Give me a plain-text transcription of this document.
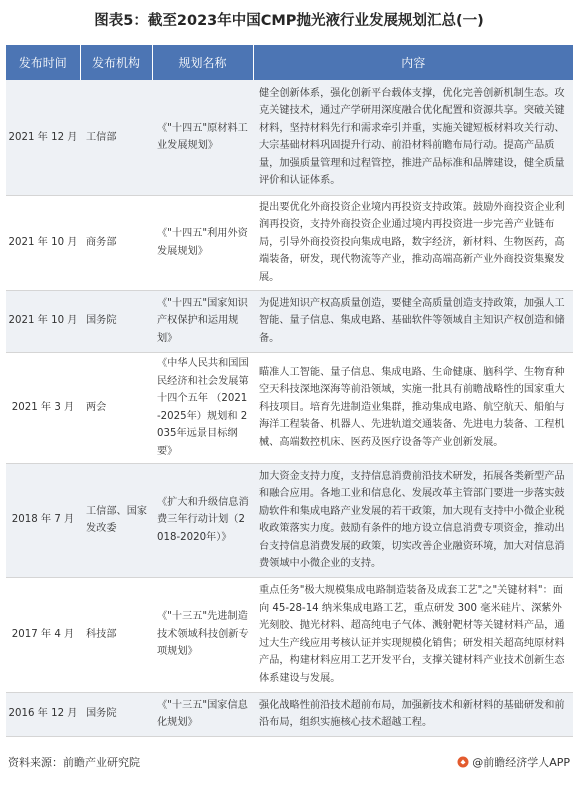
图表5：截至2023年中国CMP抛光液行业发展规划汇总(一)
发布时间	发布机构	规划名称	内容
2021 年 12 月	工信部	《"十四五"原材料工业发展规划》	健全创新体系，强化创新平台载体支撑，优化完善创新机制生态。攻克关键技术，通过产学研用深度融合优化配置和资源共享。突破关键材料，坚持材料先行和需求牵引并重，实施关键短板材料攻关行动、大宗基础材料巩固提升行动、前沿材料前瞻布局行动。提高产品质量，加强质量管理和过程管控，推进产品标准和品牌建设，健全质量评价和认证体系。
2021 年 10 月	商务部	《"十四五"利用外资发展规划》	提出要优化外商投资企业境内再投资支持政策。鼓励外商投资企业利润再投资，支持外商投资企业通过境内再投资进一步完善产业链布局，引导外商投资投向集成电路，数字经济，新材料、生物医药，高端装备，研发，现代物流等产业，推动高端高新产业外商投资集聚发展。
2021 年 10 月	国务院	《"十四五"国家知识产权保护和运用规划》	为促进知识产权高质量创造，要健全高质量创造支持政策，加强人工智能、量子信息、集成电路、基础软件等领域自主知识产权创造和储备。
2021 年 3 月	两会	《中华人民共和国国民经济和社会发展第十四个五年 （2021-2025年）规划和 2035年远景目标纲要》	瞄准人工智能、量子信息、集成电路、生命健康、脑科学、生物育种空天科技深地深海等前沿领域，实施一批具有前瞻战略性的国家重大科技项目。培育先进制造业集群，推动集成电路、航空航天、船舶与海洋工程装备、机器人、先进轨道交通装备、先进电力装备、工程机械、高端数控机床、医药及医疗设备等产业创新发展。
2018 年 7 月	工信部、国家发改委	《扩大和升级信息消费三年行动计划（2018-2020年）》	加大资金支持力度，支持信息消费前沿技术研发，拓展各类新型产品和融合应用。各地工业和信息化、发展改革主管部门要进一步落实鼓励软件和集成电路产业发展的若干政策，加大现有支持中小微企业税收政策落实力度。鼓励有条件的地方设立信息消费专项资金，推动出台支持信息消费发展的政策，切实改善企业融资环境，加大对信息消费领域中小微企业的支持。
2017 年 4 月	科技部	《"十三五"先进制造技术领域科技创新专项规划》	重点任务"极大规模集成电路制造装备及成套工艺"之"关键材料"：面向 45-28-14 纳米集成电路工艺，重点研发 300 毫米硅片、深紫外光刻胶、抛光材料、超高纯电子气体、溅射靶材等关键材料产品，通过大生产线应用考核认证并实现规模化销售；研发相关超高纯原材料产品，构建材料应用工艺开发平台，支撑关键材料产业技术创新生态体系建设与发展。
2016 年 12 月	国务院	《"十三五"国家信息化规划》	强化战略性前沿技术超前布局，加强新技术和新材料的基础研发和前沿布局，组织实施核心技术超越工程。
资料来源：前瞻产业研究院	@前瞻经济学人APP
